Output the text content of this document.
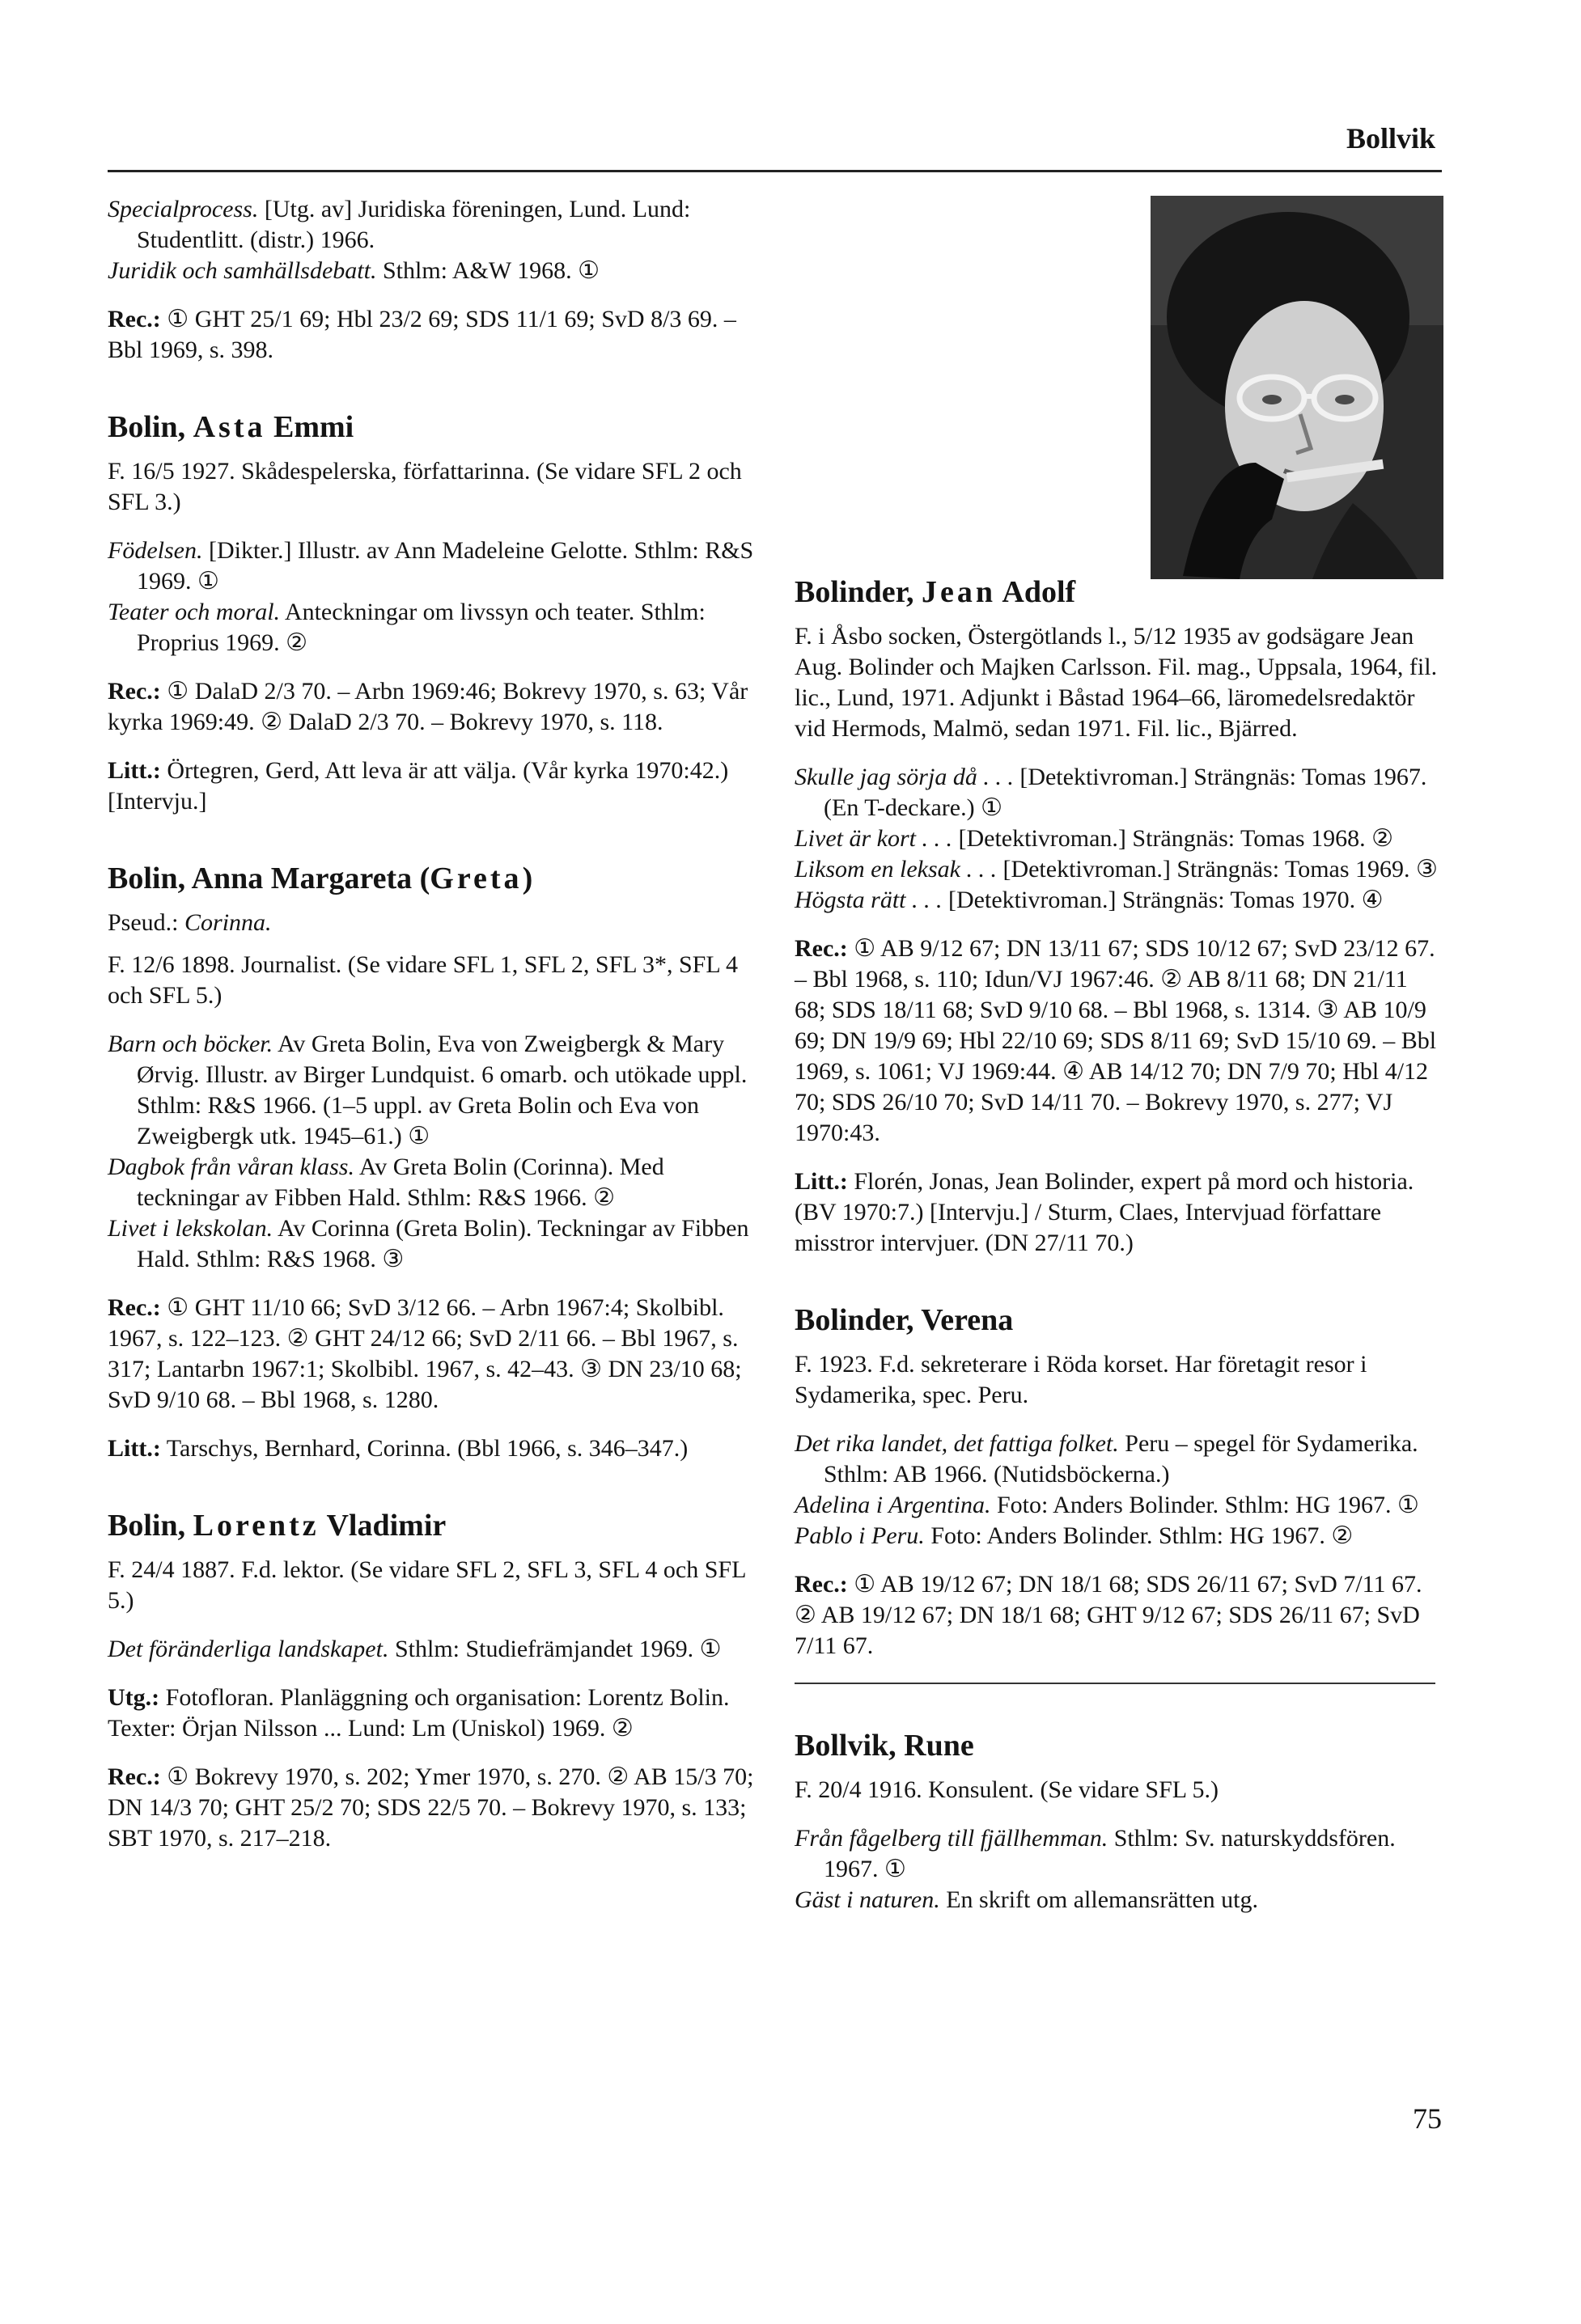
Bollvik

Specialprocess. [Utg. av] Juridiska föreningen, Lund. Lund: Studentlitt. (distr.) 1966.

Juridik och samhällsdebatt. Sthlm: A&W 1968. ①

Rec.: ① GHT 25/1 69; Hbl 23/2 69; SDS 11/1 69; SvD 8/3 69. – Bbl 1969, s. 398.

Bolin, Asta Emmi

F. 16/5 1927. Skådespelerska, författarinna. (Se vidare SFL 2 och SFL 3.)

Födelsen. [Dikter.] Illustr. av Ann Madeleine Gelotte. Sthlm: R&S 1969. ①

Teater och moral. Anteckningar om livssyn och teater. Sthlm: Proprius 1969. ②

Rec.: ① DalaD 2/3 70. – Arbn 1969:46; Bokrevy 1970, s. 63; Vår kyrka 1969:49. ② DalaD 2/3 70. – Bokrevy 1970, s. 118.

Litt.: Örtegren, Gerd, Att leva är att välja. (Vår kyrka 1970:42.) [Intervju.]

Bolin, Anna Margareta (Greta)

Pseud.: Corinna.

F. 12/6 1898. Journalist. (Se vidare SFL 1, SFL 2, SFL 3*, SFL 4 och SFL 5.)

Barn och böcker. Av Greta Bolin, Eva von Zweigbergk & Mary Ørvig. Illustr. av Birger Lundquist. 6 omarb. och utökade uppl. Sthlm: R&S 1966. (1–5 uppl. av Greta Bolin och Eva von Zweigbergk utk. 1945–61.) ①

Dagbok från våran klass. Av Greta Bolin (Corinna). Med teckningar av Fibben Hald. Sthlm: R&S 1966. ②

Livet i lekskolan. Av Corinna (Greta Bolin). Teckningar av Fibben Hald. Sthlm: R&S 1968. ③

Rec.: ① GHT 11/10 66; SvD 3/12 66. – Arbn 1967:4; Skolbibl. 1967, s. 122–123. ② GHT 24/12 66; SvD 2/11 66. – Bbl 1967, s. 317; Lantarbn 1967:1; Skolbibl. 1967, s. 42–43. ③ DN 23/10 68; SvD 9/10 68. – Bbl 1968, s. 1280.

Litt.: Tarschys, Bernhard, Corinna. (Bbl 1966, s. 346–347.)

Bolin, Lorentz Vladimir

F. 24/4 1887. F.d. lektor. (Se vidare SFL 2, SFL 3, SFL 4 och SFL 5.)

Det föränderliga landskapet. Sthlm: Studiefrämjandet 1969. ①

Utg.: Fotofloran. Planläggning och organisation: Lorentz Bolin. Texter: Örjan Nilsson ... Lund: Lm (Uniskol) 1969. ②

Rec.: ① Bokrevy 1970, s. 202; Ymer 1970, s. 270. ② AB 15/3 70; DN 14/3 70; GHT 25/2 70; SDS 22/5 70. – Bokrevy 1970, s. 133; SBT 1970, s. 217–218.

Bolinder, Jean Adolf

F. i Åsbo socken, Östergötlands l., 5/12 1935 av godsägare Jean Aug. Bolinder och Majken Carlsson. Fil. mag., Uppsala, 1964, fil. lic., Lund, 1971. Adjunkt i Båstad 1964–66, läromedelsredaktör vid Hermods, Malmö, sedan 1971. Fil. lic., Bjärred.

Skulle jag sörja då . . . [Detektivroman.] Strängnäs: Tomas 1967. (En T-deckare.) ①

Livet är kort . . . [Detektivroman.] Strängnäs: Tomas 1968. ②

Liksom en leksak . . . [Detektivroman.] Strängnäs: Tomas 1969. ③

Högsta rätt . . . [Detektivroman.] Strängnäs: Tomas 1970. ④

Rec.: ① AB 9/12 67; DN 13/11 67; SDS 10/12 67; SvD 23/12 67. – Bbl 1968, s. 110; Idun/VJ 1967:46. ② AB 8/11 68; DN 21/11 68; SDS 18/11 68; SvD 9/10 68. – Bbl 1968, s. 1314. ③ AB 10/9 69; DN 19/9 69; Hbl 22/10 69; SDS 8/11 69; SvD 15/10 69. – Bbl 1969, s. 1061; VJ 1969:44. ④ AB 14/12 70; DN 7/9 70; Hbl 4/12 70; SDS 26/10 70; SvD 14/11 70. – Bokrevy 1970, s. 277; VJ 1970:43.

Litt.: Florén, Jonas, Jean Bolinder, expert på mord och historia. (BV 1970:7.) [Intervju.] / Sturm, Claes, Intervjuad författare misstror intervjuer. (DN 27/11 70.)

Bolinder, Verena

F. 1923. F.d. sekreterare i Röda korset. Har företagit resor i Sydamerika, spec. Peru.

Det rika landet, det fattiga folket. Peru – spegel för Sydamerika. Sthlm: AB 1966. (Nutidsböckerna.)

Adelina i Argentina. Foto: Anders Bolinder. Sthlm: HG 1967. ①

Pablo i Peru. Foto: Anders Bolinder. Sthlm: HG 1967. ②

Rec.: ① AB 19/12 67; DN 18/1 68; SDS 26/11 67; SvD 7/11 67. ② AB 19/12 67; DN 18/1 68; GHT 9/12 67; SDS 26/11 67; SvD 7/11 67.

Bollvik, Rune

F. 20/4 1916. Konsulent. (Se vidare SFL 5.)

Från fågelberg till fjällhemman. Sthlm: Sv. naturskyddsfören. 1967. ①

Gäst i naturen. En skrift om allemansrätten utg.

75
